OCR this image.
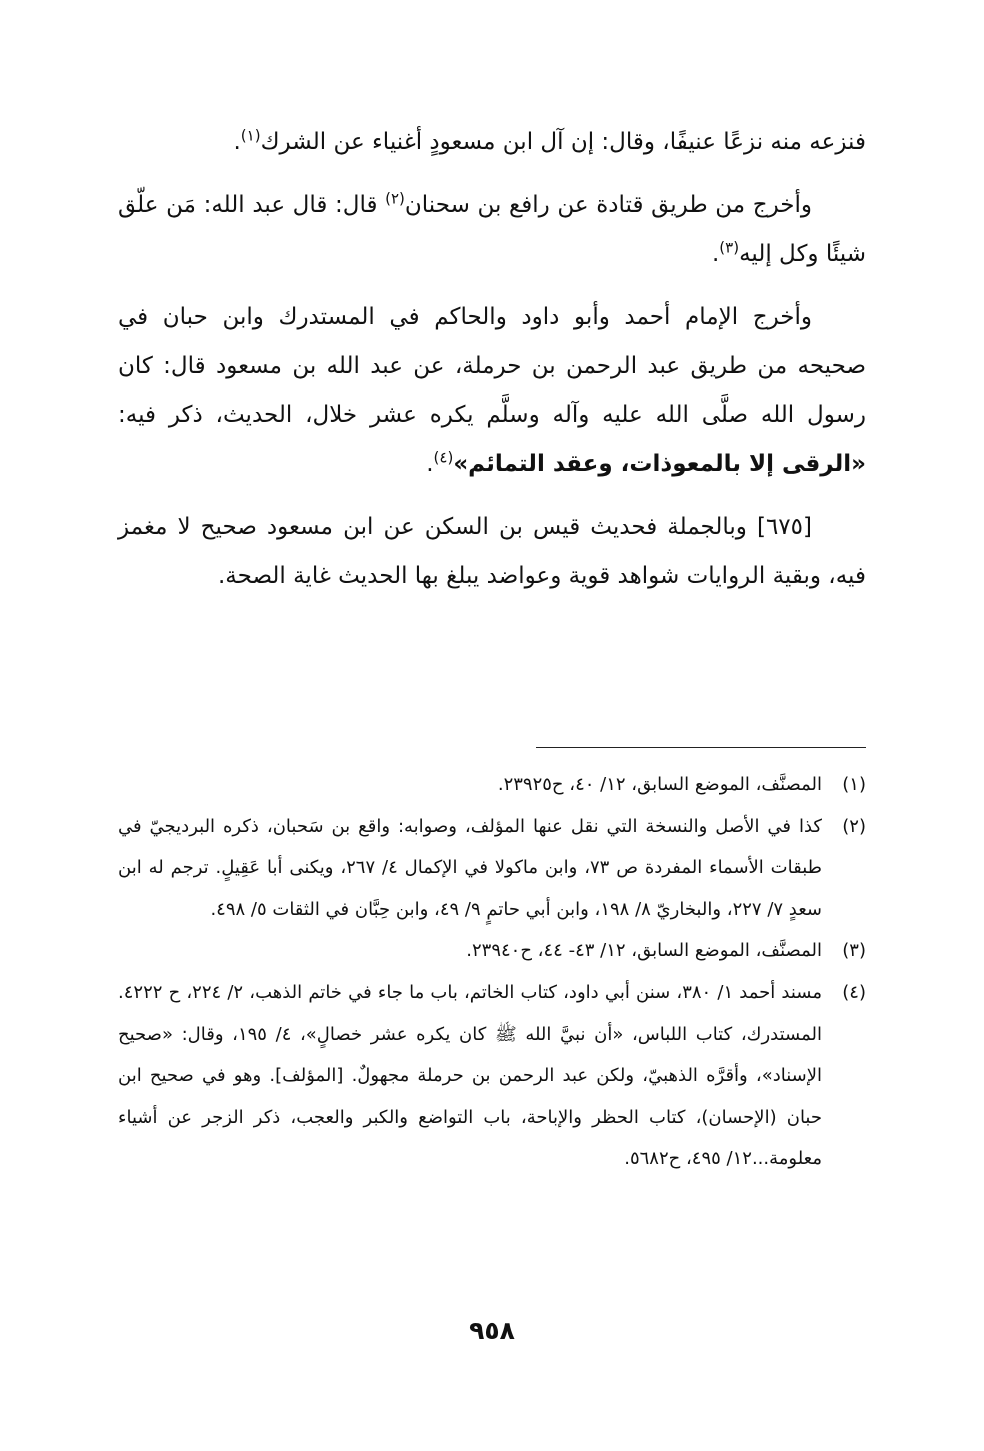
فنزعه منه نزعًا عنيفًا، وقال: إن آل ابن مسعودٍ أغنياء عن الشرك$^{(١)}$.

وأخرج من طريق قتادة عن رافع بن سحنان$^{(٢)}$ قال: قال عبد الله: مَن علّق شيئًا وكل إليه$^{(٣)}$.

وأخرج الإمام أحمد وأبو داود والحاكم في المستدرك وابن حبان في صحيحه من طريق عبد الرحمن بن حرملة، عن عبد الله بن مسعود قال: كان رسول الله صلَّى الله عليه وآله وسلَّم يكره عشر خلال، الحديث، ذكر فيه: «الرقى إلا بالمعوذات، وعقد التمائم»$^{(٤)}$.

[٦٧٥] وبالجملة فحديث قيس بن السكن عن ابن مسعود صحيح لا مغمز فيه، وبقية الروايات شواهد قوية وعواضد يبلغ بها الحديث غاية الصحة.

(١)
المصنَّف، الموضع السابق، ١٢/ ٤٠، ح٢٣٩٢٥.
(٢)
كذا في الأصل والنسخة التي نقل عنها المؤلف، وصوابه: واقع بن سَحبان، ذكره البرديجيّ في طبقات الأسماء المفردة ص ٧٣، وابن ماكولا في الإكمال ٤/ ٢٦٧، ويكنى أبا عَقِيلٍ. ترجم له ابن سعدٍ ٧/ ٢٢٧، والبخاريّ ٨/ ١٩٨، وابن أبي حاتمٍ ٩/ ٤٩، وابن حِبَّان في الثقات ٥/ ٤٩٨.
(٣)
المصنَّف، الموضع السابق، ١٢/ ٤٣- ٤٤، ح٢٣٩٤٠.
(٤)
مسند أحمد ١/ ٣٨٠، سنن أبي داود، كتاب الخاتم، باب ما جاء في خاتم الذهب، ٢/ ٢٢٤، ح ٤٢٢٢. المستدرك، كتاب اللباس، «أن نبيَّ الله ﷺ كان يكره عشر خصالٍ»، ٤/ ١٩٥، وقال: «صحيح الإسناد»، وأقرَّه الذهبيّ، ولكن عبد الرحمن بن حرملة مجهولٌ. [المؤلف]. وهو في صحيح ابن حبان (الإحسان)، كتاب الحظر والإباحة، باب التواضع والكبر والعجب، ذكر الزجر عن أشياء معلومة...١٢/ ٤٩٥، ح٥٦٨٢.
٩٥٨
